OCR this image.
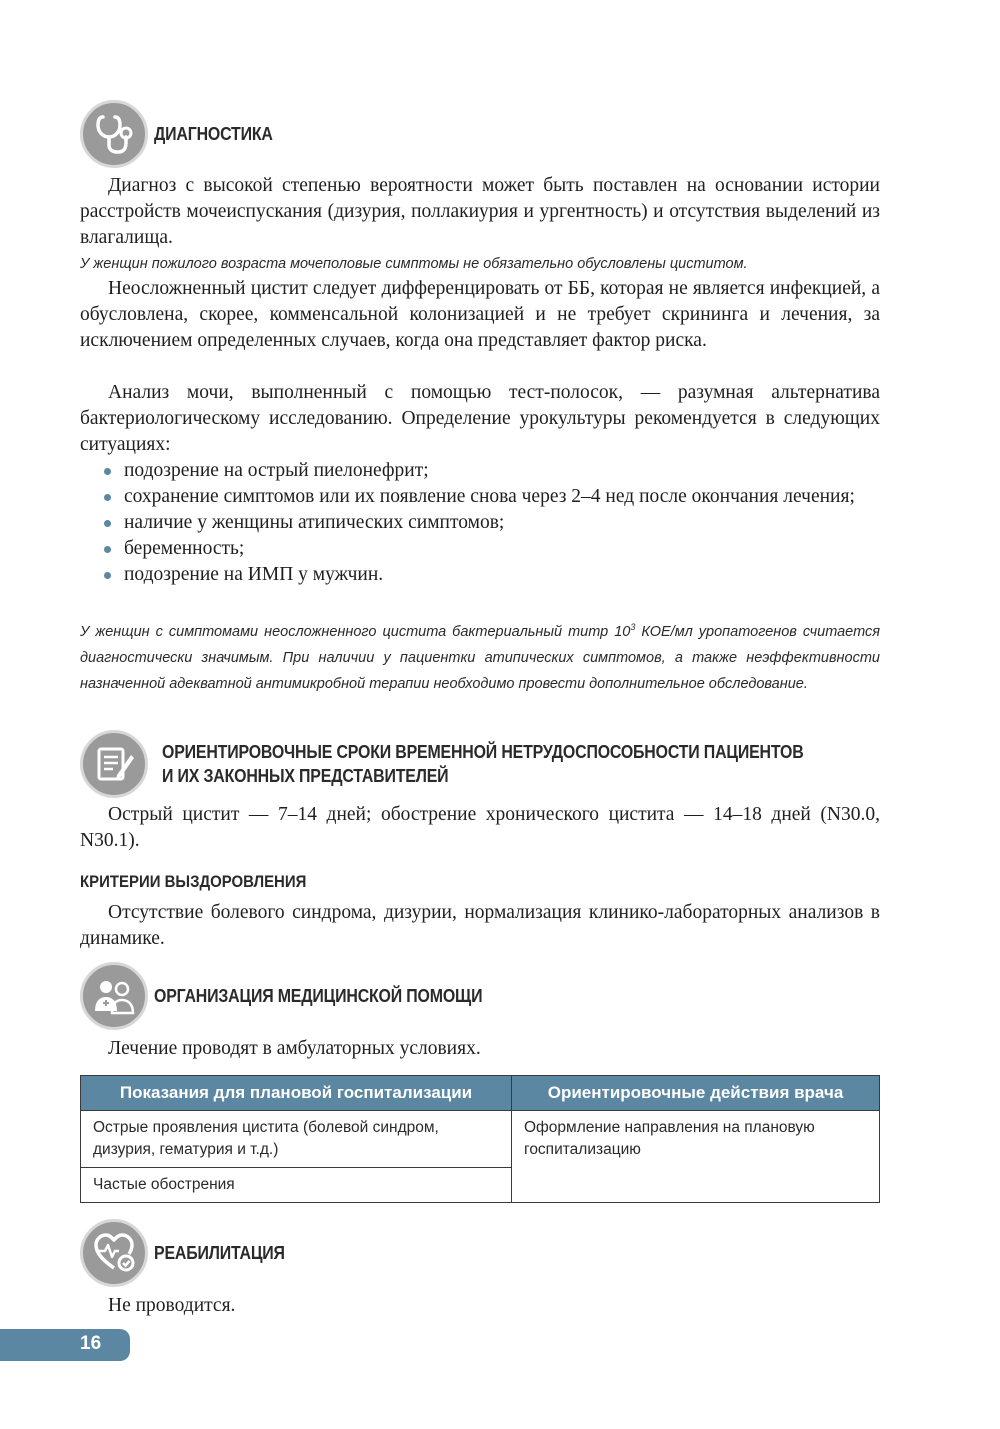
ДИАГНОСТИКА

Диагноз с высокой степенью вероятности может быть поставлен на основании истории расстройств мочеиспускания (дизурия, поллакиурия и ургентность) и отсутствия выделений из влагалища.

У женщин пожилого возраста мочеполовые симптомы не обязательно обусловлены циститом.

Неосложненный цистит следует дифференцировать от ББ, которая не является инфекцией, а обусловлена, скорее, комменсальной колонизацией и не требует скрининга и лечения, за исключением определенных случаев, когда она представляет фактор риска.

Анализ мочи, выполненный с помощью тест-полосок, — разумная альтернатива бактериологическому исследованию. Определение урокультуры рекомендуется в следующих ситуациях:

подозрение на острый пиелонефрит;
сохранение симптомов или их появление снова через 2–4 нед после окончания лечения;
наличие у женщины атипических симптомов;
беременность;
подозрение на ИМП у мужчин.

У женщин с симптомами неосложненного цистита бактериальный титр $10^3$ КОЕ/мл уропатогенов считается диагностически значимым. При наличии у пациентки атипических симптомов, а также неэффективности назначенной адекватной антимикробной терапии необходимо провести дополнительное обследование.

ОРИЕНТИРОВОЧНЫЕ СРОКИ ВРЕМЕННОЙ НЕТРУДОСПОСОБНОСТИ ПАЦИЕНТОВ
И ИХ ЗАКОННЫХ ПРЕДСТАВИТЕЛЕЙ

Острый цистит — 7–14 дней; обострение хронического цистита — 14–18 дней (N30.0, N30.1).

КРИТЕРИИ ВЫЗДОРОВЛЕНИЯ

Отсутствие болевого синдрома, дизурии, нормализация клинико-лабораторных анализов в динамике.

ОРГАНИЗАЦИЯ МЕДИЦИНСКОЙ ПОМОЩИ

Лечение проводят в амбулаторных условиях.

Показания для плановой госпитализации	Ориентировочные действия врача
Острые проявления цистита (болевой синдром, дизурия, гематурия и т.д.)	Оформление направления на плановую госпитализацию
Частые обострения	
РЕАБИЛИТАЦИЯ

Не проводится.

16
